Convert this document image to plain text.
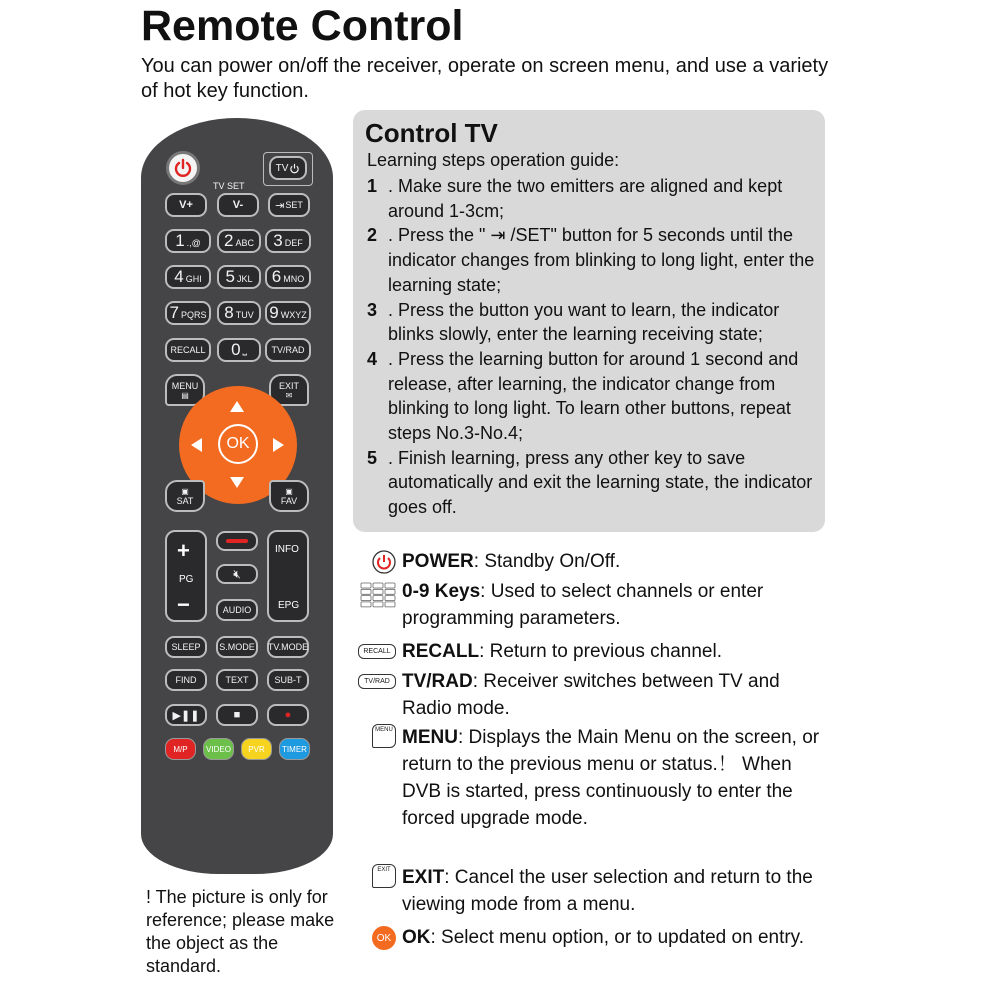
Remote Control

You can power on/off the receiver, operate on screen menu, and use a variety of hot key function.

TV SET
TV
V+	V-	⇥ SET
1 .,@ 2 ABC 3 DEF
4 GHI 5 JKL 6 MNO
7 PQRS 8 TUV 9 WXYZ
RECALL	0 ⎵	TV/RAD
MENU
▤
EXIT
✉
OK
▣
SAT
▣
FAV
+
PG
−
🔇︎
AUDIO
INFO
EPG
SLEEP	S.MODE	TV.MODE
FIND	TEXT	SUB-T
▶❚❚	■	●
M/P	VIDEO	PVR	TIMER
Control TV
Learning steps operation guide:
1 . Make sure the two emitters are aligned and kept around 1-3cm;
2 . Press the " ⇥ /SET" button for 5 seconds until the indicator changes from blinking to long light, enter the learning state;
3 . Press the button you want to learn, the indicator blinks slowly, enter the learning receiving state;
4 . Press the learning button for around 1 second and release, after learning, the indicator change from blinking to long light. To learn other buttons, repeat steps No.3-No.4;
5 . Finish learning, press any other key to save automatically and exit the learning state, the indicator goes off.
POWER: Standby On/Off.
0-9 Keys: Used to select channels or enter programming parameters.
RECALL RECALL: Return to previous channel.
TV/RAD TV/RAD: Receiver switches between TV and Radio mode.
MENU MENU: Displays the Main Menu on the screen, or return to the previous menu or status.！ When DVB is started, press continuously to enter the forced upgrade mode.
EXIT EXIT: Cancel the user selection and return to the viewing mode from a menu.
OK OK: Select menu option, or to updated on entry.
! The picture is only for reference; please make the object as the standard.
